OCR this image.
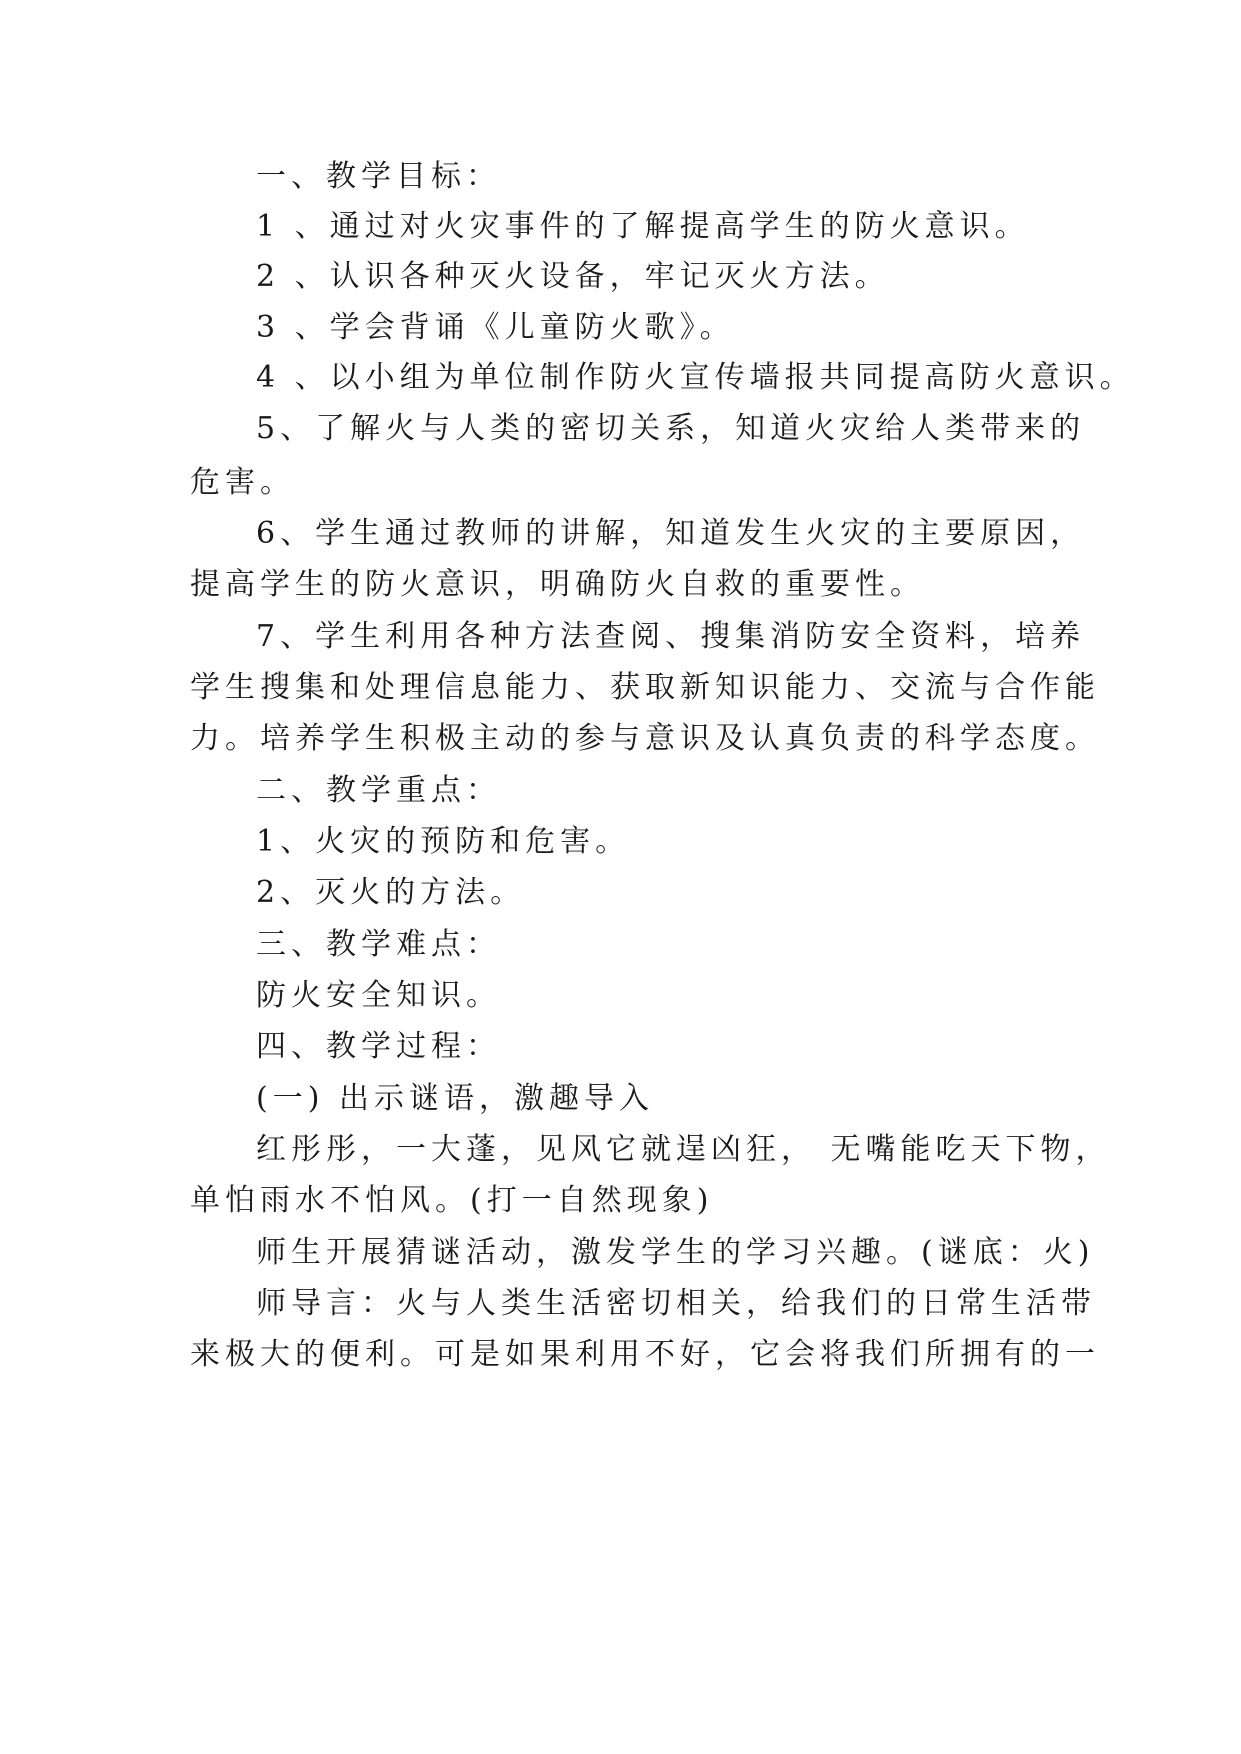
一、教学目标：
1 、通过对火灾事件的了解提高学生的防火意识。
2 、认识各种灭火设备，牢记灭火方法。
3 、学会背诵《儿童防火歌》。
4 、以小组为单位制作防火宣传墙报共同提高防火意识。
5、了解火与人类的密切关系，知道火灾给人类带来的
危害。
6、学生通过教师的讲解，知道发生火灾的主要原因，
提高学生的防火意识，明确防火自救的重要性。
7、学生利用各种方法查阅、搜集消防安全资料，培养
学生搜集和处理信息能力、获取新知识能力、交流与合作能
力。培养学生积极主动的参与意识及认真负责的科学态度。
二、教学重点：
1、火灾的预防和危害。
2、灭火的方法。
三、教学难点：
防火安全知识。
四、教学过程：
(一) 出示谜语，激趣导入
红彤彤，一大蓬，见风它就逞凶狂， 无嘴能吃天下物，
单怕雨水不怕风。(打一自然现象)
师生开展猜谜活动，激发学生的学习兴趣。(谜底：火)
师导言：火与人类生活密切相关，给我们的日常生活带
来极大的便利。可是如果利用不好，它会将我们所拥有的一
